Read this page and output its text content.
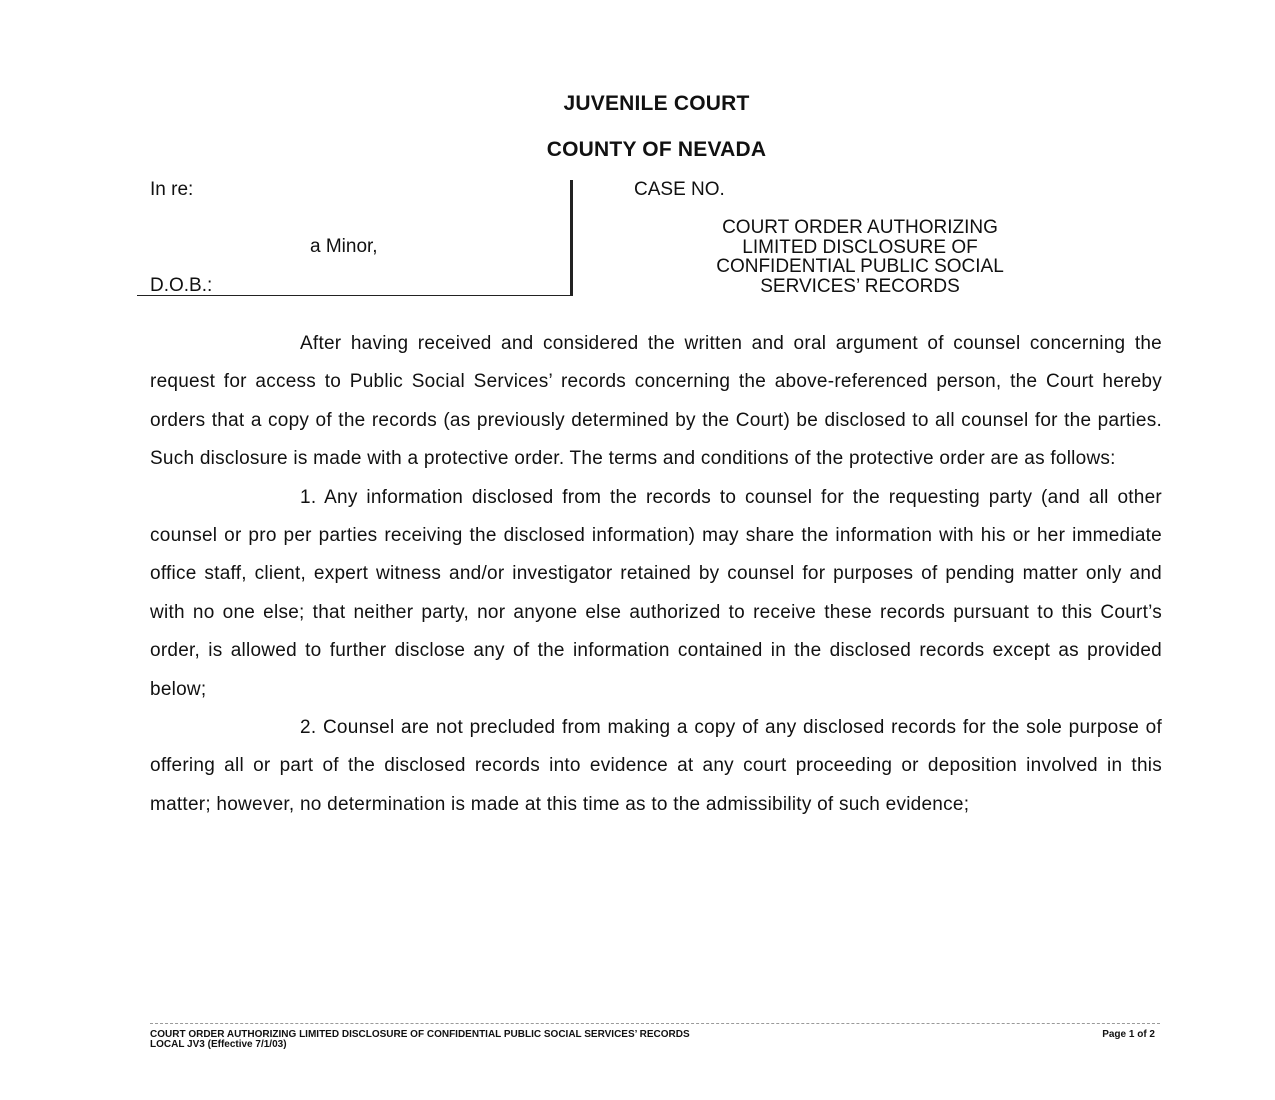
JUVENILE COURT
COUNTY OF NEVADA
In re:
a Minor,
D.O.B.:
CASE NO.
COURT ORDER AUTHORIZING
LIMITED DISCLOSURE OF
CONFIDENTIAL PUBLIC SOCIAL
SERVICES’ RECORDS

After having received and considered the written and oral argument of counsel concerning the request for access to Public Social Services’ records concerning the above-referenced person, the Court hereby orders that a copy of the records (as previously determined by the Court) be disclosed to all counsel for the parties. Such disclosure is made with a protective order. The terms and conditions of the protective order are as follows:

1. Any information disclosed from the records to counsel for the requesting party (and all other counsel or pro per parties receiving the disclosed information) may share the information with his or her immediate office staff, client, expert witness and/or investigator retained by counsel for purposes of pending matter only and with no one else; that neither party, nor anyone else authorized to receive these records pursuant to this Court’s order, is allowed to further disclose any of the information contained in the disclosed records except as provided below;

2. Counsel are not precluded from making a copy of any disclosed records for the sole purpose of offering all or part of the disclosed records into evidence at any court proceeding or deposition involved in this matter; however, no determination is made at this time as to the admissibility of such evidence;

COURT ORDER AUTHORIZING LIMITED DISCLOSURE OF CONFIDENTIAL PUBLIC SOCIAL SERVICES’ RECORDS
LOCAL JV3 (Effective 7/1/03)
Page 1 of 2
